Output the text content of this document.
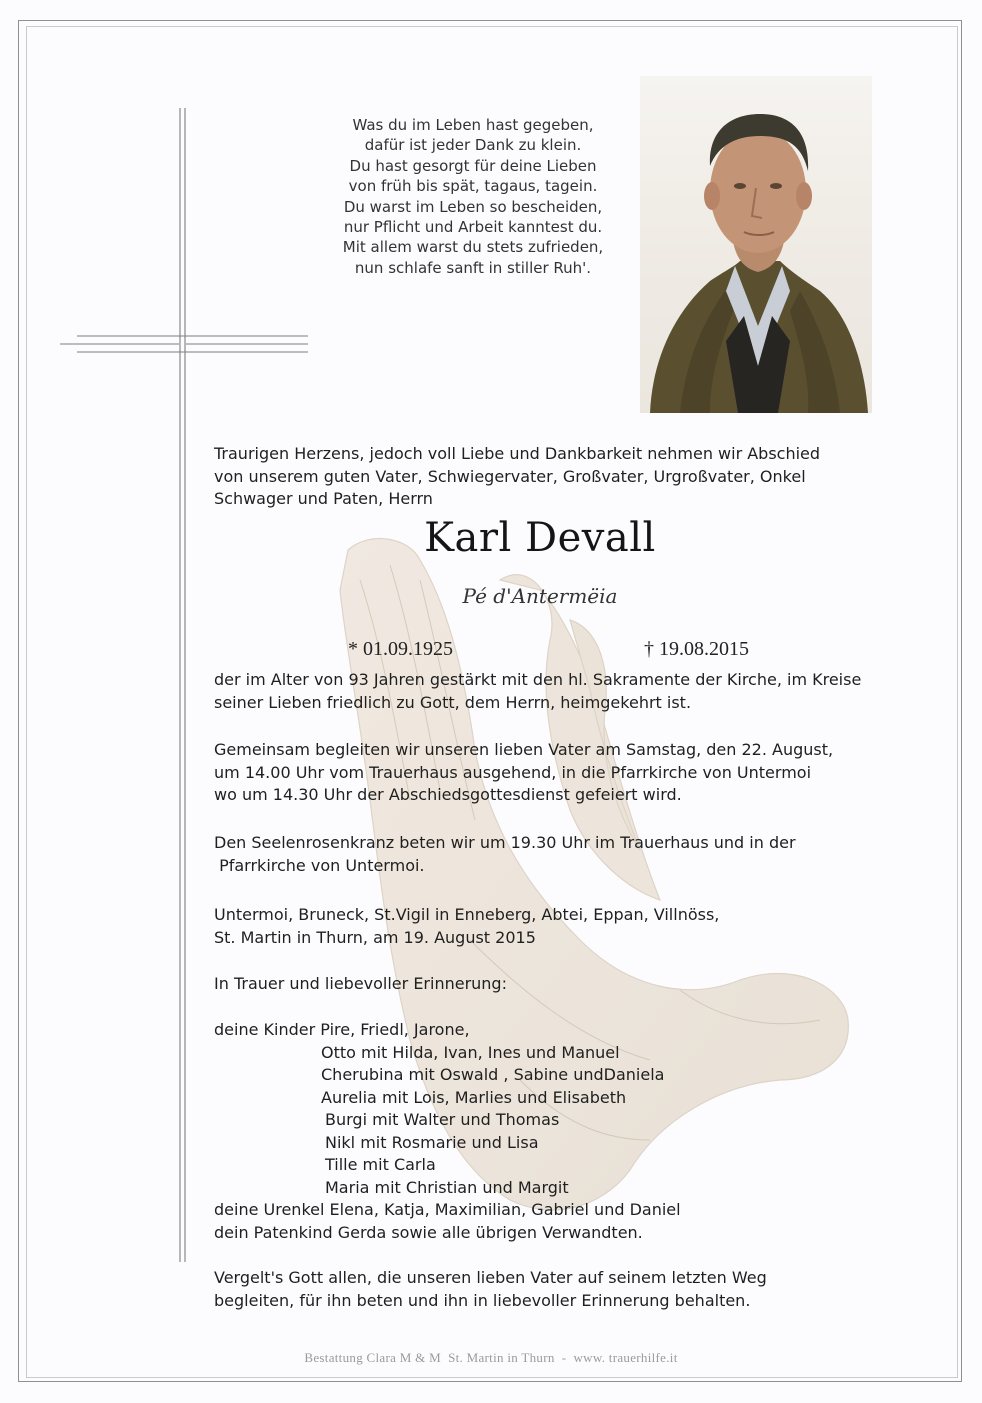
Was du im Leben hast gegeben,
dafür ist jeder Dank zu klein.
Du hast gesorgt für deine Lieben
von früh bis spät, tagaus, tagein.
Du warst im Leben so bescheiden,
nur Pflicht und Arbeit kanntest du.
Mit allem warst du stets zufrieden,
nun schlafe sanft in stiller Ruh'.
Traurigen Herzens, jedoch voll Liebe und Dankbarkeit nehmen wir Abschied
von unserem guten Vater, Schwiegervater, Großvater, Urgroßvater, Onkel
Schwager und Paten, Herrn
Karl Devall
Pé d'Antermëia
* 01.09.1925	† 19.08.2015
der im Alter von 93 Jahren gestärkt mit den hl. Sakramente der Kirche, im Kreise
seiner Lieben friedlich zu Gott, dem Herrn, heimgekehrt ist.
Gemeinsam begleiten wir unseren lieben Vater am Samstag, den 22. August,
um 14.00 Uhr vom Trauerhaus ausgehend, in die Pfarrkirche von Untermoi
wo um 14.30 Uhr der Abschiedsgottesdienst gefeiert wird.
Den Seelenrosenkranz beten wir um 19.30 Uhr im Trauerhaus und in der
Pfarrkirche von Untermoi.
Untermoi, Bruneck, St.Vigil in Enneberg, Abtei, Eppan, Villnöss,
St. Martin in Thurn, am 19. August 2015
In Trauer und liebevoller Erinnerung:
deine Kinder Pire, Friedl, Jarone,
Otto mit Hilda, Ivan, Ines und Manuel
Cherubina mit Oswald , Sabine undDaniela
Aurelia mit Lois, Marlies und Elisabeth
Burgi mit Walter und Thomas
Nikl mit Rosmarie und Lisa
Tille mit Carla
Maria mit Christian und Margit
deine Urenkel Elena, Katja, Maximilian, Gabriel und Daniel
dein Patenkind Gerda sowie alle übrigen Verwandten.
Vergelt's Gott allen, die unseren lieben Vater auf seinem letzten Weg
begleiten, für ihn beten und ihn in liebevoller Erinnerung behalten.
Bestattung Clara M & M  St. Martin in Thurn  -  www. trauerhilfe.it
